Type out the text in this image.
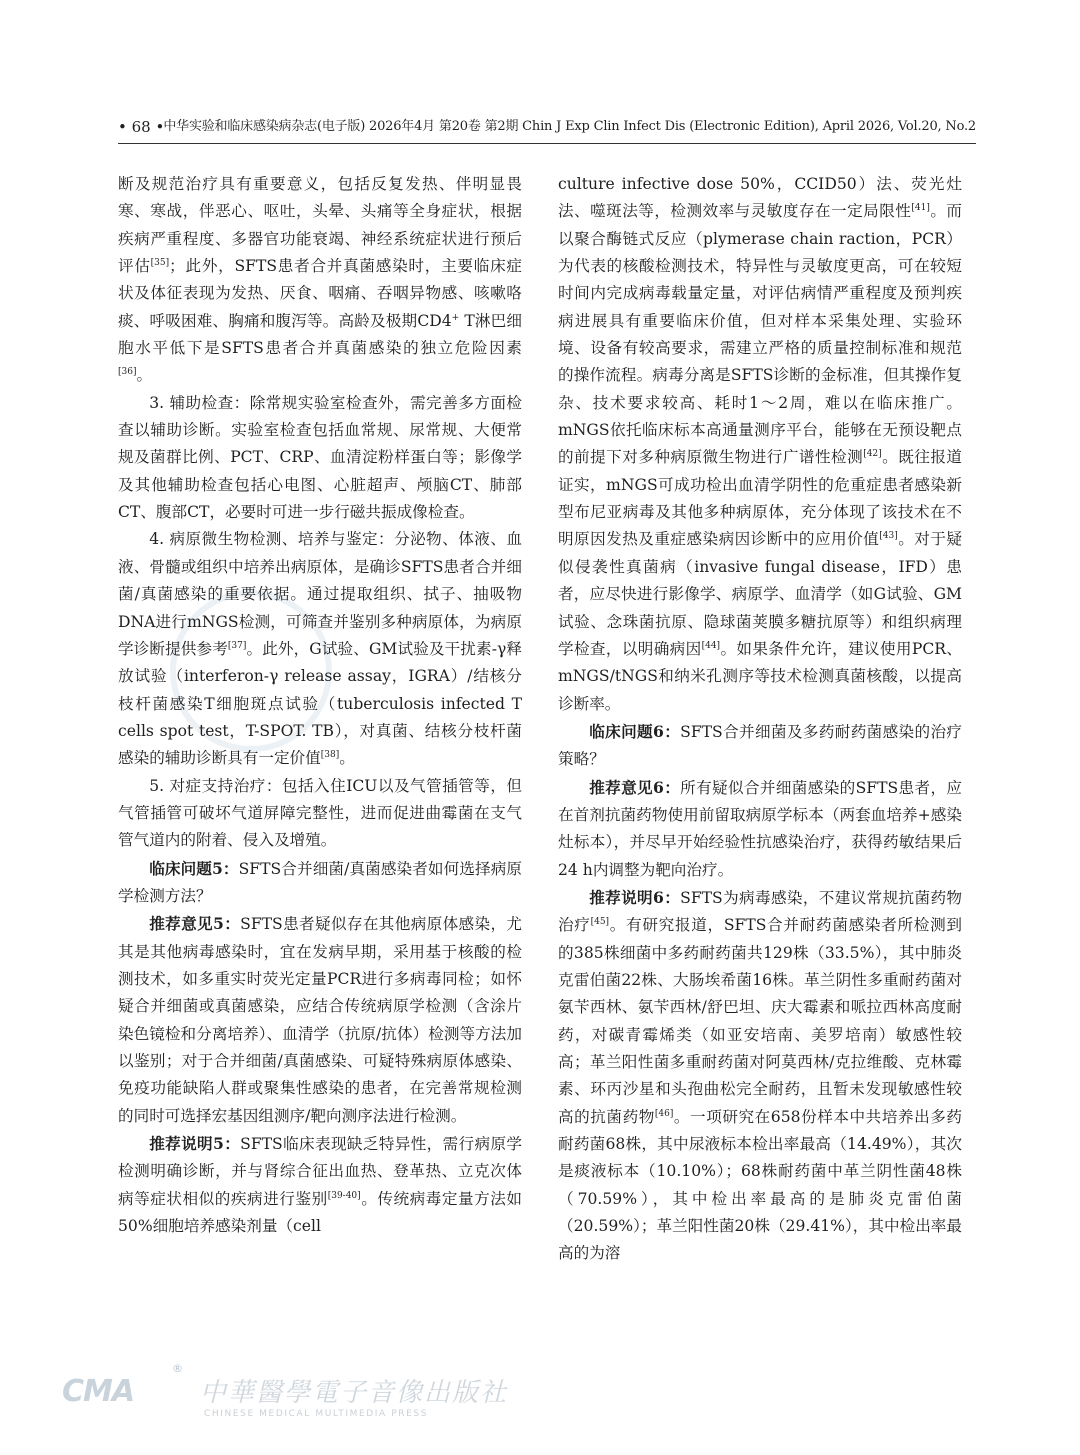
• 68 • 中华实验和临床感染病杂志(电子版) 2026年4月 第20卷 第2期 Chin J Exp Clin Infect Dis (Electronic Edition), April 2026, Vol.20, No.2

断及规范治疗具有重要意义，包括反复发热、伴明显畏寒、寒战，伴恶心、呕吐，头晕、头痛等全身症状，根据疾病严重程度、多器官功能衰竭、神经系统症状进行预后评估[35]；此外，SFTS患者合并真菌感染时，主要临床症状及体征表现为发热、厌食、咽痛、吞咽异物感、咳嗽咯痰、呼吸困难、胸痛和腹泻等。高龄及极期CD4+ T淋巴细胞水平低下是SFTS患者合并真菌感染的独立危险因素[36]。

3. 辅助检查：除常规实验室检查外，需完善多方面检查以辅助诊断。实验室检查包括血常规、尿常规、大便常规及菌群比例、PCT、CRP、血清淀粉样蛋白等；影像学及其他辅助检查包括心电图、心脏超声、颅脑CT、肺部CT、腹部CT，必要时可进一步行磁共振成像检查。

4. 病原微生物检测、培养与鉴定：分泌物、体液、血液、骨髓或组织中培养出病原体，是确诊SFTS患者合并细菌/真菌感染的重要依据。通过提取组织、拭子、抽吸物DNA进行mNGS检测，可筛查并鉴别多种病原体，为病原学诊断提供参考[37]。此外，G试验、GM试验及干扰素-γ释放试验（interferon-γ release assay，IGRA）/结核分枝杆菌感染T细胞斑点试验（tuberculosis infected T cells spot test，T-SPOT. TB），对真菌、结核分枝杆菌感染的辅助诊断具有一定价值[38]。

5. 对症支持治疗：包括入住ICU以及气管插管等，但气管插管可破坏气道屏障完整性，进而促进曲霉菌在支气管气道内的附着、侵入及增殖。

临床问题5：SFTS合并细菌/真菌感染者如何选择病原学检测方法？

推荐意见5：SFTS患者疑似存在其他病原体感染，尤其是其他病毒感染时，宜在发病早期，采用基于核酸的检测技术，如多重实时荧光定量PCR进行多病毒同检；如怀疑合并细菌或真菌感染，应结合传统病原学检测（含涂片染色镜检和分离培养）、血清学（抗原/抗体）检测等方法加以鉴别；对于合并细菌/真菌感染、可疑特殊病原体感染、免疫功能缺陷人群或聚集性感染的患者，在完善常规检测的同时可选择宏基因组测序/靶向测序法进行检测。

推荐说明5：SFTS临床表现缺乏特异性，需行病原学检测明确诊断，并与肾综合征出血热、登革热、立克次体病等症状相似的疾病进行鉴别[39-40]。传统病毒定量方法如50%细胞培养感染剂量（cell

culture infective dose 50%，CCID50）法、荧光灶法、噬斑法等，检测效率与灵敏度存在一定局限性[41]。而以聚合酶链式反应（plymerase chain raction，PCR）为代表的核酸检测技术，特异性与灵敏度更高，可在较短时间内完成病毒载量定量，对评估病情严重程度及预判疾病进展具有重要临床价值，但对样本采集处理、实验环境、设备有较高要求，需建立严格的质量控制标准和规范的操作流程。病毒分离是SFTS诊断的金标准，但其操作复杂、技术要求较高、耗时1～2周，难以在临床推广。mNGS依托临床标本高通量测序平台，能够在无预设靶点的前提下对多种病原微生物进行广谱性检测[42]。既往报道证实，mNGS可成功检出血清学阴性的危重症患者感染新型布尼亚病毒及其他多种病原体，充分体现了该技术在不明原因发热及重症感染病因诊断中的应用价值[43]。对于疑似侵袭性真菌病（invasive fungal disease，IFD）患者，应尽快进行影像学、病原学、血清学（如G试验、GM试验、念珠菌抗原、隐球菌荚膜多糖抗原等）和组织病理学检查，以明确病因[44]。如果条件允许，建议使用PCR、mNGS/tNGS和纳米孔测序等技术检测真菌核酸，以提高诊断率。

临床问题6：SFTS合并细菌及多药耐药菌感染的治疗策略？

推荐意见6：所有疑似合并细菌感染的SFTS患者，应在首剂抗菌药物使用前留取病原学标本（两套血培养+感染灶标本），并尽早开始经验性抗感染治疗，获得药敏结果后24 h内调整为靶向治疗。

推荐说明6：SFTS为病毒感染，不建议常规抗菌药物治疗[45]。有研究报道，SFTS合并耐药菌感染者所检测到的385株细菌中多药耐药菌共129株（33.5%），其中肺炎克雷伯菌22株、大肠埃希菌16株。革兰阴性多重耐药菌对氨苄西林、氨苄西林/舒巴坦、庆大霉素和哌拉西林高度耐药，对碳青霉烯类（如亚安培南、美罗培南）敏感性较高；革兰阳性菌多重耐药菌对阿莫西林/克拉维酸、克林霉素、环丙沙星和头孢曲松完全耐药，且暂未发现敏感性较高的抗菌药物[46]。一项研究在658份样本中共培养出多药耐药菌68株，其中尿液标本检出率最高（14.49%），其次是痰液标本（10.10%）；68株耐药菌中革兰阴性菌48株（70.59%），其中检出率最高的是肺炎克雷伯菌（20.59%）；革兰阳性菌20株（29.41%），其中检出率最高的为溶

CMA
®
中華醫學電子音像出版社
CHINESE MEDICAL MULTIMEDIA PRESS
